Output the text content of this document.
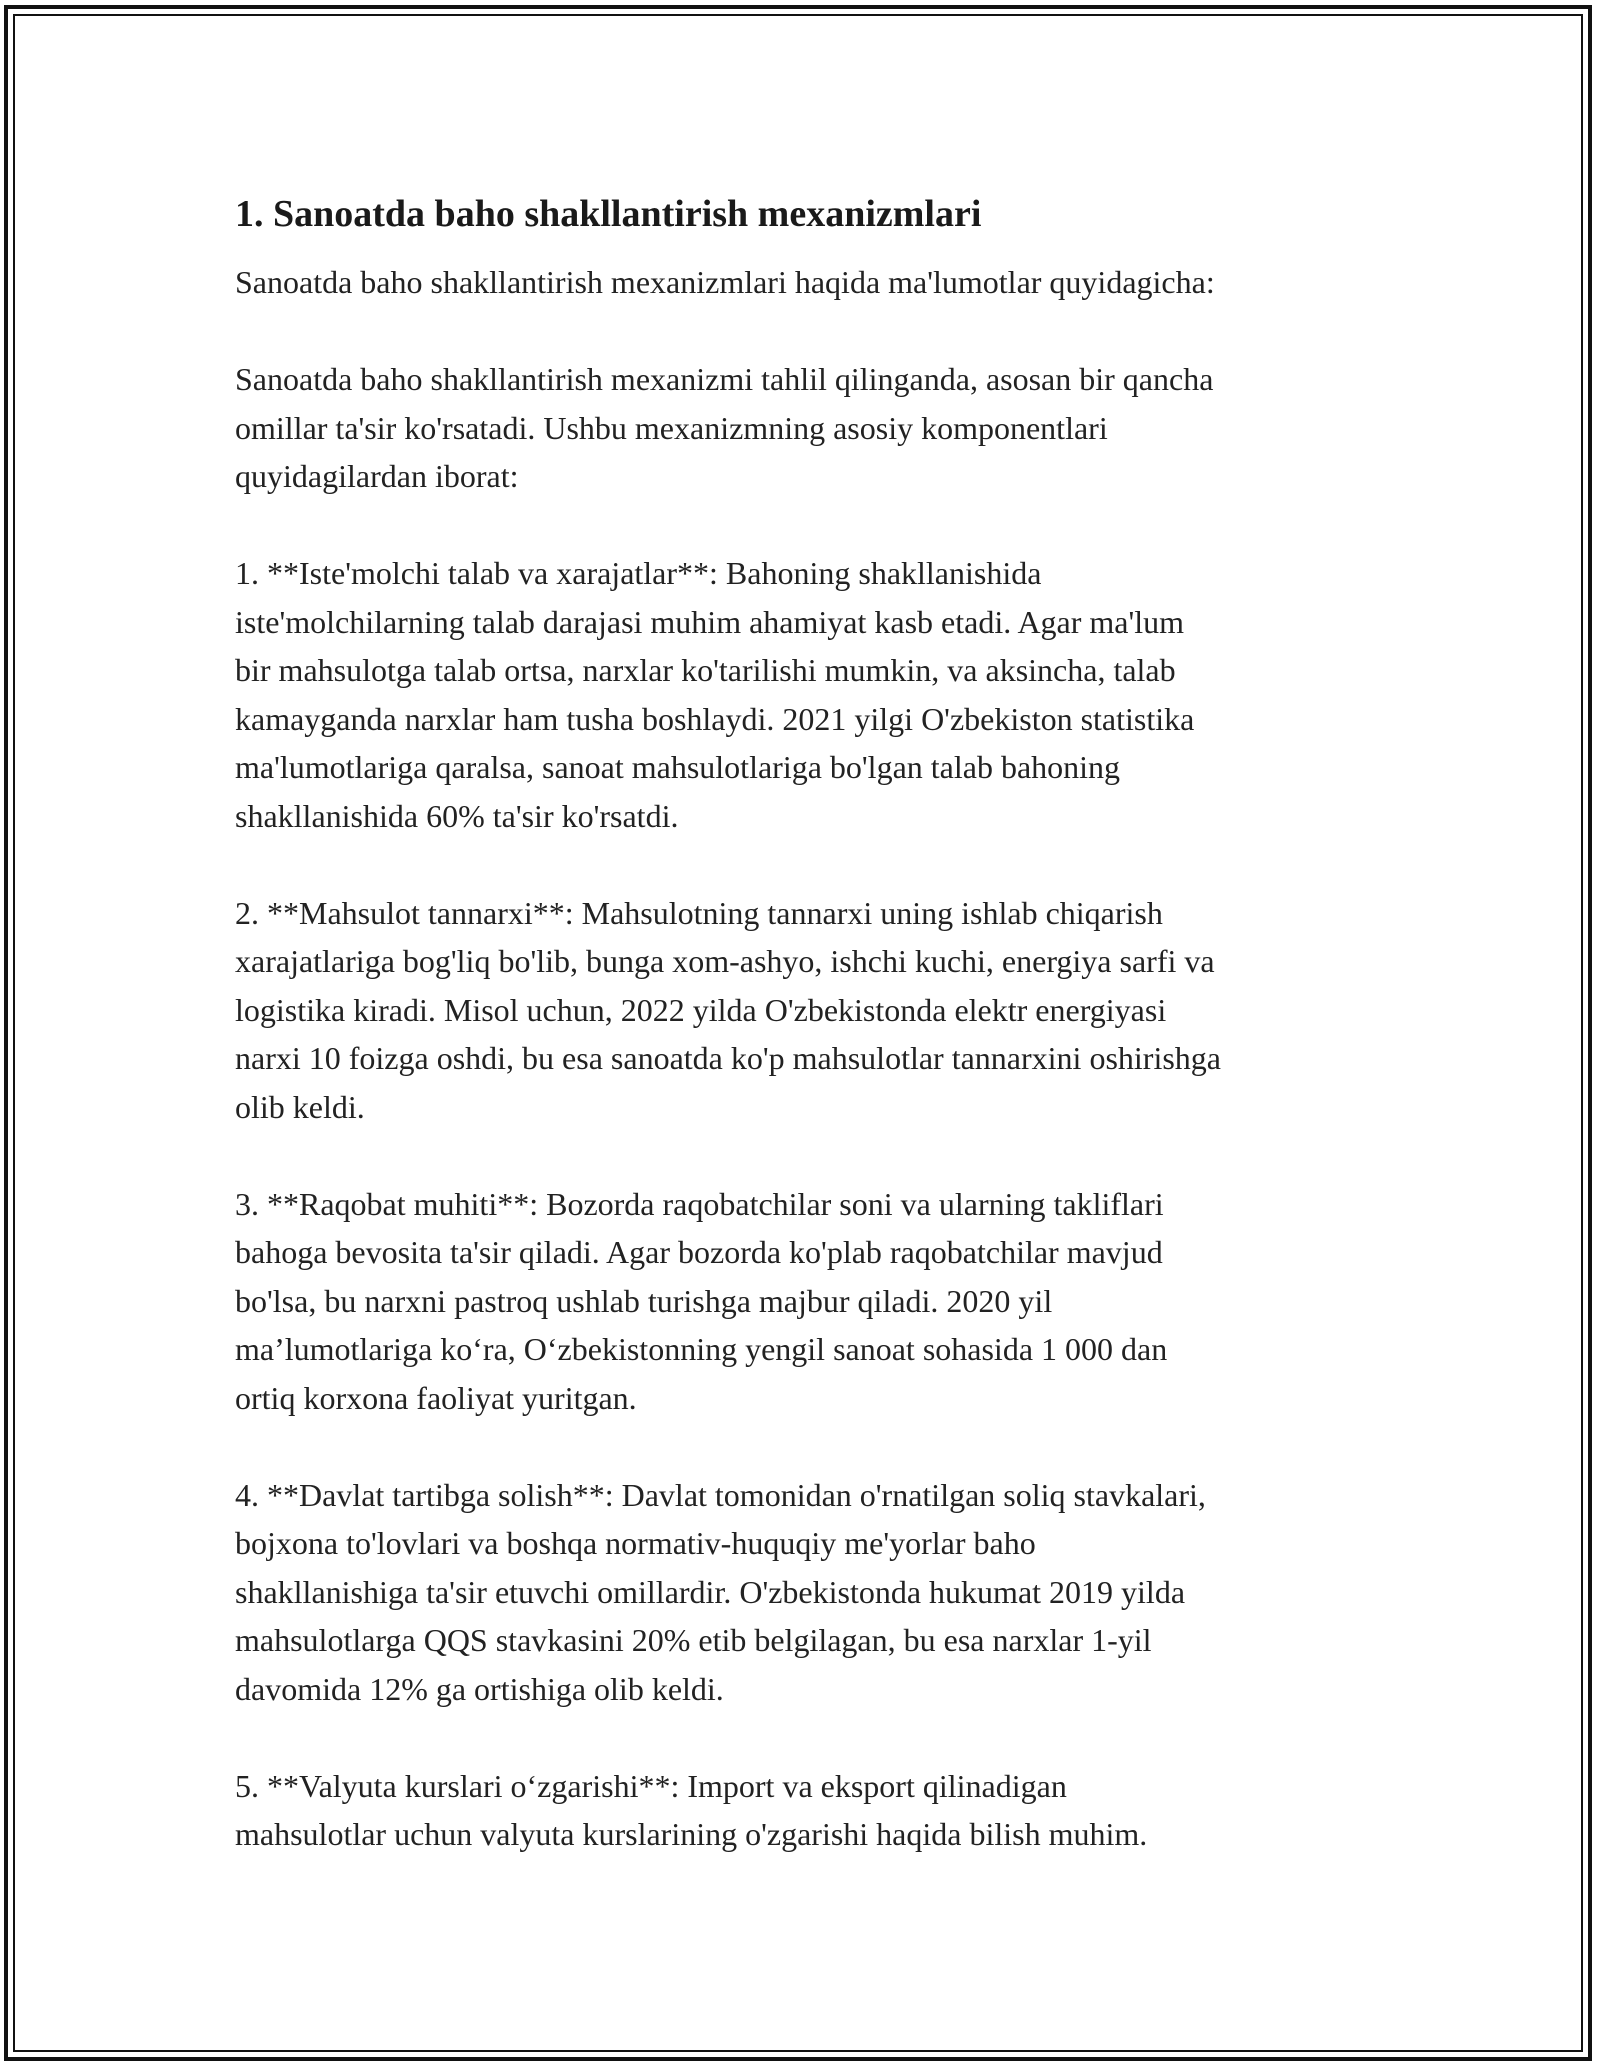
1. Sanoatda baho shakllantirish mexanizmlari

Sanoatda baho shakllantirish mexanizmlari haqida ma'lumotlar quyidagicha:

Sanoatda baho shakllantirish mexanizmi tahlil qilinganda, asosan bir qancha
omillar ta'sir ko'rsatadi. Ushbu mexanizmning asosiy komponentlari
quyidagilardan iborat:

1. **Iste'molchi talab va xarajatlar**: Bahoning shakllanishida
iste'molchilarning talab darajasi muhim ahamiyat kasb etadi. Agar ma'lum
bir mahsulotga talab ortsa, narxlar ko'tarilishi mumkin, va aksincha, talab
kamayganda narxlar ham tusha boshlaydi. 2021 yilgi O'zbekiston statistika
ma'lumotlariga qaralsa, sanoat mahsulotlariga bo'lgan talab bahoning
shakllanishida 60% ta'sir ko'rsatdi.

2. **Mahsulot tannarxi**: Mahsulotning tannarxi uning ishlab chiqarish
xarajatlariga bog'liq bo'lib, bunga xom-ashyo, ishchi kuchi, energiya sarfi va
logistika kiradi. Misol uchun, 2022 yilda O'zbekistonda elektr energiyasi
narxi 10 foizga oshdi, bu esa sanoatda ko'p mahsulotlar tannarxini oshirishga
olib keldi.

3. **Raqobat muhiti**: Bozorda raqobatchilar soni va ularning takliflari
bahoga bevosita ta'sir qiladi. Agar bozorda ko'plab raqobatchilar mavjud
bo'lsa, bu narxni pastroq ushlab turishga majbur qiladi. 2020 yil
ma’lumotlariga ko‘ra, O‘zbekistonning yengil sanoat sohasida 1 000 dan
ortiq korxona faoliyat yuritgan.

4. **Davlat tartibga solish**: Davlat tomonidan o'rnatilgan soliq stavkalari,
bojxona to'lovlari va boshqa normativ-huquqiy me'yorlar baho
shakllanishiga ta'sir etuvchi omillardir. O'zbekistonda hukumat 2019 yilda
mahsulotlarga QQS stavkasini 20% etib belgilagan, bu esa narxlar 1-yil
davomida 12% ga ortishiga olib keldi.

5. **Valyuta kurslari o‘zgarishi**: Import va eksport qilinadigan
mahsulotlar uchun valyuta kurslarining o'zgarishi haqida bilish muhim.
